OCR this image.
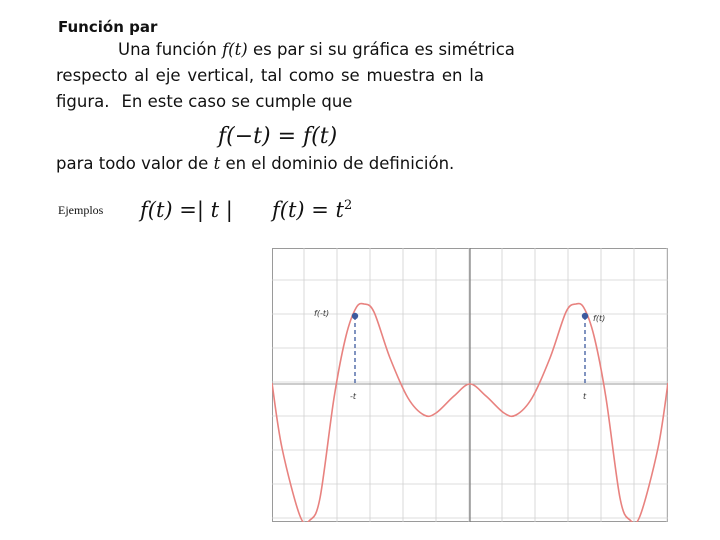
Función par
Una función f(t) es par si su gráfica es simétrica
respecto al eje vertical, tal como se muestra en la
figura. En este caso se cumple que
f(−t) = f(t)
para todo valor de t en el dominio de definición.
Ejemplos f(t) =| t | $f(t) = t^2$
f(-t)
f(t)
-t	t
